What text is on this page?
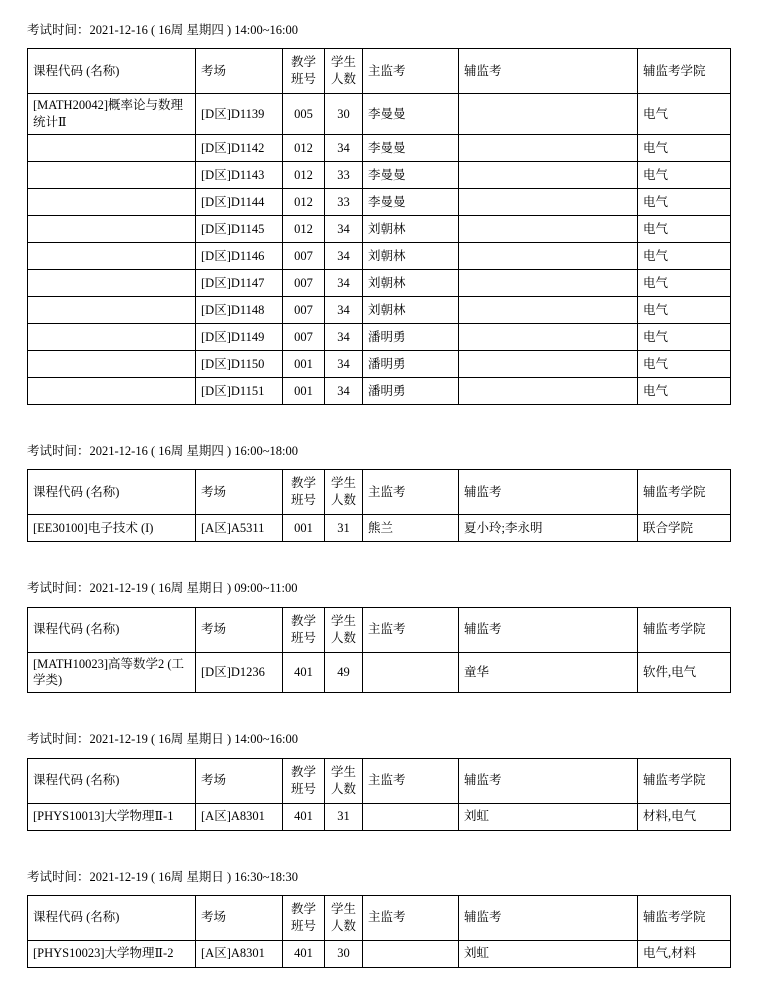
考试时间：2021-12-16 ( 16周 星期四 ) 14:00~16:00

课程代码 (名称)	考场	教学班号	学生人数	主监考	辅监考	辅监考学院
[MATH20042]概率论与数理统计Ⅱ	[D区]D1139	005	30	李曼曼		电气
	[D区]D1142	012	34	李曼曼		电气
	[D区]D1143	012	33	李曼曼		电气
	[D区]D1144	012	33	李曼曼		电气
	[D区]D1145	012	34	刘朝林		电气
	[D区]D1146	007	34	刘朝林		电气
	[D区]D1147	007	34	刘朝林		电气
	[D区]D1148	007	34	刘朝林		电气
	[D区]D1149	007	34	潘明勇		电气
	[D区]D1150	001	34	潘明勇		电气
	[D区]D1151	001	34	潘明勇		电气

考试时间：2021-12-16 ( 16周 星期四 ) 16:00~18:00

课程代码 (名称)	考场	教学班号	学生人数	主监考	辅监考	辅监考学院
[EE30100]电子技术 (I)	[A区]A5311	001	31	熊兰	夏小玲;李永明	联合学院

考试时间：2021-12-19 ( 16周 星期日 ) 09:00~11:00

课程代码 (名称)	考场	教学班号	学生人数	主监考	辅监考	辅监考学院
[MATH10023]高等数学2 (工学类)	[D区]D1236	401	49		童华	软件,电气

考试时间：2021-12-19 ( 16周 星期日 ) 14:00~16:00

课程代码 (名称)	考场	教学班号	学生人数	主监考	辅监考	辅监考学院
[PHYS10013]大学物理Ⅱ-1	[A区]A8301	401	31		刘虹	材料,电气

考试时间：2021-12-19 ( 16周 星期日 ) 16:30~18:30

课程代码 (名称)	考场	教学班号	学生人数	主监考	辅监考	辅监考学院
[PHYS10023]大学物理Ⅱ-2	[A区]A8301	401	30		刘虹	电气,材料
